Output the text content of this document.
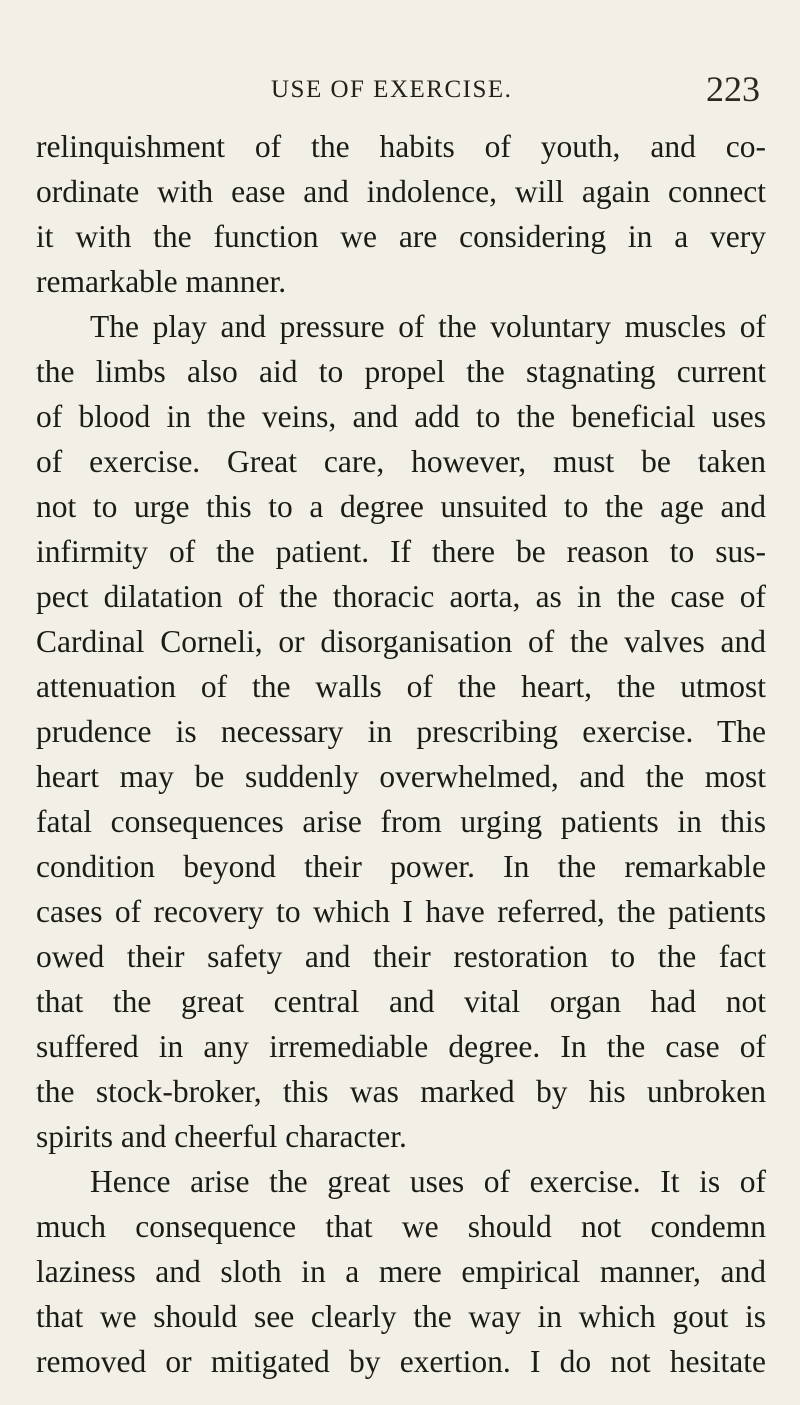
USE OF EXERCISE.	223
relinquishment of the habits of youth, and co-
ordinate with ease and indolence, will again connect
it with the function we are considering in a very
remarkable manner.
The play and pressure of the voluntary muscles of
the limbs also aid to propel the stagnating current
of blood in the veins, and add to the beneficial uses
of exercise. Great care, however, must be taken
not to urge this to a degree unsuited to the age and
infirmity of the patient. If there be reason to sus-
pect dilatation of the thoracic aorta, as in the case of
Cardinal Corneli, or disorganisation of the valves and
attenuation of the walls of the heart, the utmost
prudence is necessary in prescribing exercise. The
heart may be suddenly overwhelmed, and the most
fatal consequences arise from urging patients in this
condition beyond their power. In the remarkable
cases of recovery to which I have referred, the patients
owed their safety and their restoration to the fact
that the great central and vital organ had not
suffered in any irremediable degree. In the case of
the stock-broker, this was marked by his unbroken
spirits and cheerful character.
Hence arise the great uses of exercise. It is of
much consequence that we should not condemn
laziness and sloth in a mere empirical manner, and
that we should see clearly the way in which gout is
removed or mitigated by exertion. I do not hesitate
